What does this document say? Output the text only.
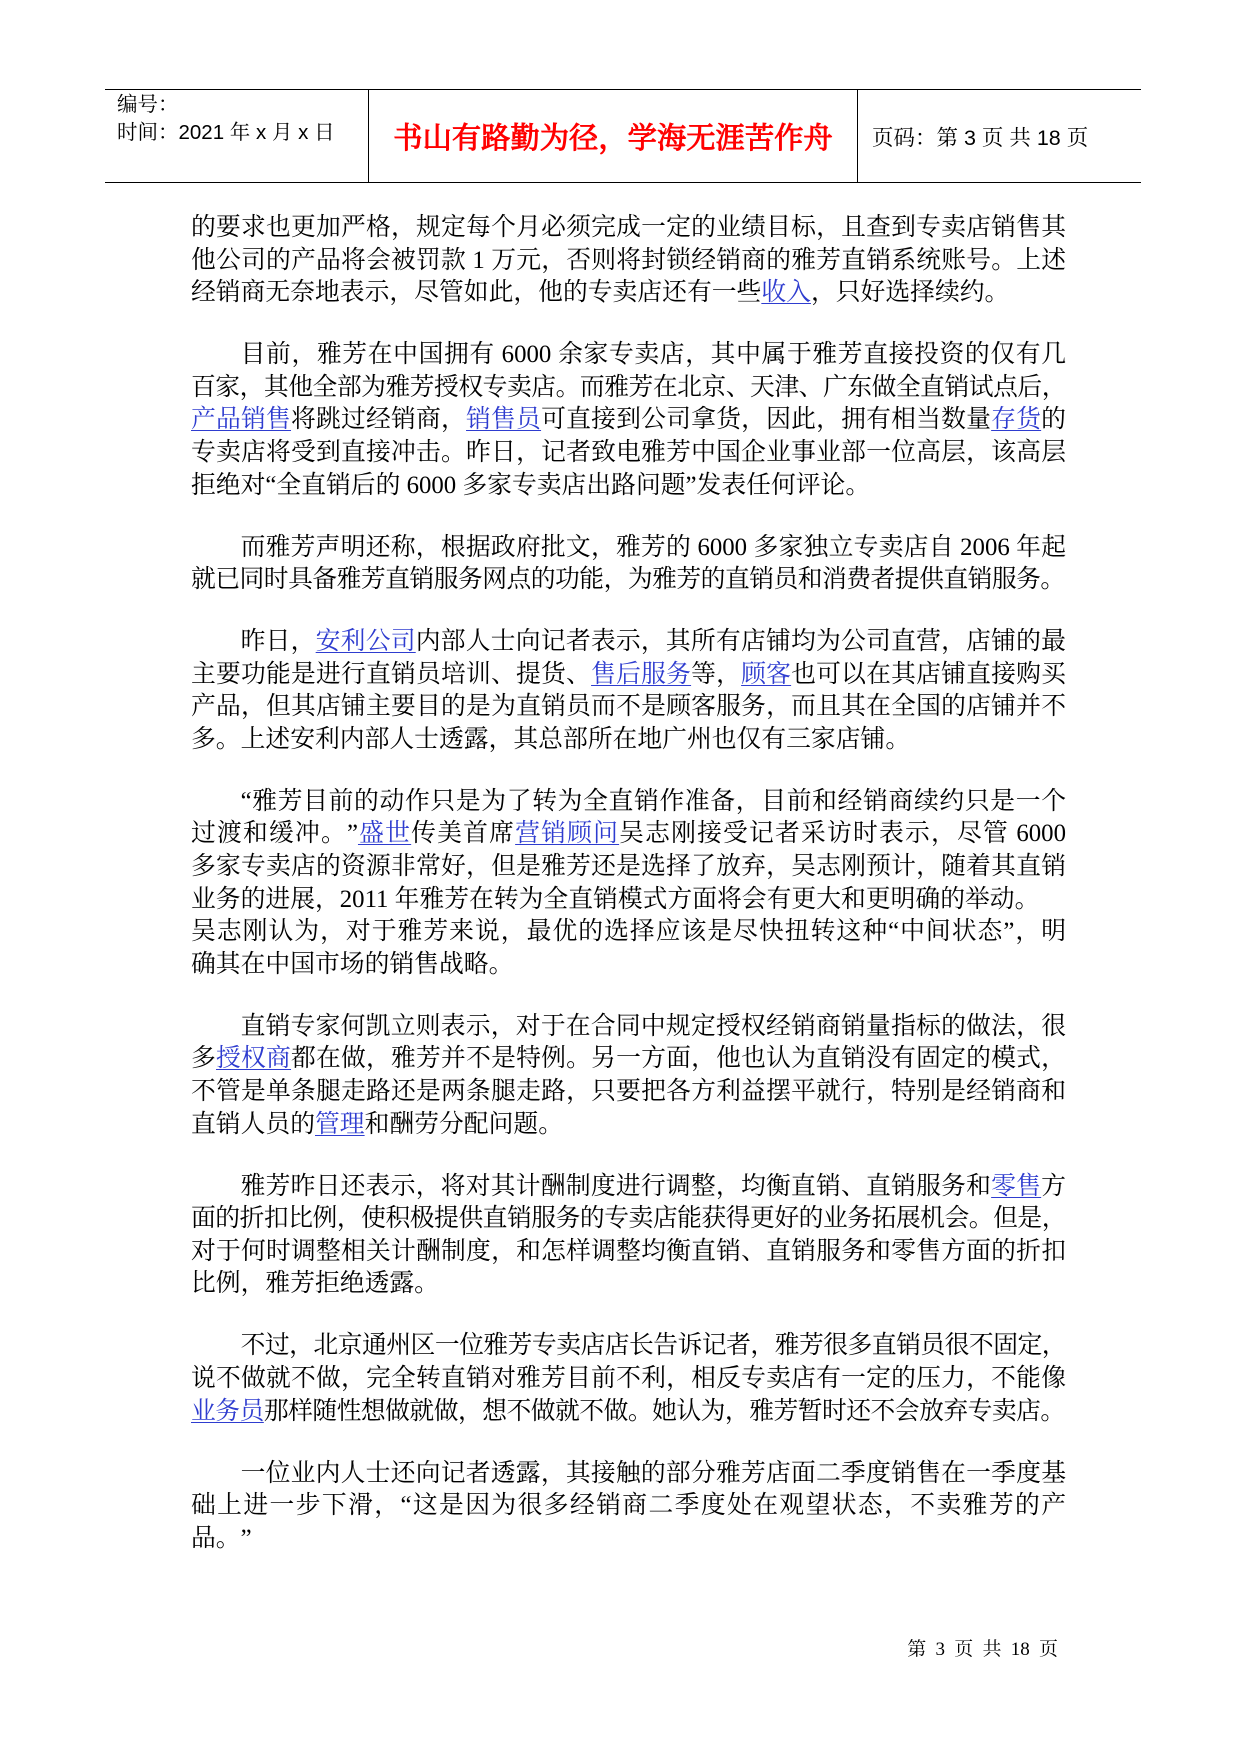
编号：
时间：2021 年 x 月 x 日	书山有路勤为径，学海无涯苦作舟 页码：第 3 页 共 18 页
的要求也更加严格，规定每个月必须完成一定的业绩目标，且查到专卖店销售其
他公司的产品将会被罚款 1 万元，否则将封锁经销商的雅芳直销系统账号。上述
经销商无奈地表示，尽管如此，他的专卖店还有一些收入，只好选择续约。
目前，雅芳在中国拥有 6000 余家专卖店，其中属于雅芳直接投资的仅有几
百家，其他全部为雅芳授权专卖店。而雅芳在北京、天津、广东做全直销试点后，
产品销售将跳过经销商，销售员可直接到公司拿货，因此，拥有相当数量存货的
专卖店将受到直接冲击。昨日，记者致电雅芳中国企业事业部一位高层，该高层
拒绝对“全直销后的 6000 多家专卖店出路问题”发表任何评论。
而雅芳声明还称，根据政府批文，雅芳的 6000 多家独立专卖店自 2006 年起
就已同时具备雅芳直销服务网点的功能，为雅芳的直销员和消费者提供直销服务。
昨日，安利公司内部人士向记者表示，其所有店铺均为公司直营，店铺的最
主要功能是进行直销员培训、提货、售后服务等，顾客也可以在其店铺直接购买
产品，但其店铺主要目的是为直销员而不是顾客服务，而且其在全国的店铺并不
多。上述安利内部人士透露，其总部所在地广州也仅有三家店铺。
“雅芳目前的动作只是为了转为全直销作准备，目前和经销商续约只是一个
过渡和缓冲。”盛世传美首席营销顾问吴志刚接受记者采访时表示，尽管 6000
多家专卖店的资源非常好，但是雅芳还是选择了放弃，吴志刚预计，随着其直销
业务的进展，2011 年雅芳在转为全直销模式方面将会有更大和更明确的举动。
吴志刚认为，对于雅芳来说，最优的选择应该是尽快扭转这种“中间状态”，明
确其在中国市场的销售战略。
直销专家何凯立则表示，对于在合同中规定授权经销商销量指标的做法，很
多授权商都在做，雅芳并不是特例。另一方面，他也认为直销没有固定的模式，
不管是单条腿走路还是两条腿走路，只要把各方利益摆平就行，特别是经销商和
直销人员的管理和酬劳分配问题。
雅芳昨日还表示，将对其计酬制度进行调整，均衡直销、直销服务和零售方
面的折扣比例，使积极提供直销服务的专卖店能获得更好的业务拓展机会。但是，
对于何时调整相关计酬制度，和怎样调整均衡直销、直销服务和零售方面的折扣
比例，雅芳拒绝透露。
不过，北京通州区一位雅芳专卖店店长告诉记者，雅芳很多直销员很不固定，
说不做就不做，完全转直销对雅芳目前不利，相反专卖店有一定的压力，不能像
业务员那样随性想做就做，想不做就不做。她认为，雅芳暂时还不会放弃专卖店。
一位业内人士还向记者透露，其接触的部分雅芳店面二季度销售在一季度基
础上进一步下滑，“这是因为很多经销商二季度处在观望状态，不卖雅芳的产
品。”
第 3 页 共 18 页
